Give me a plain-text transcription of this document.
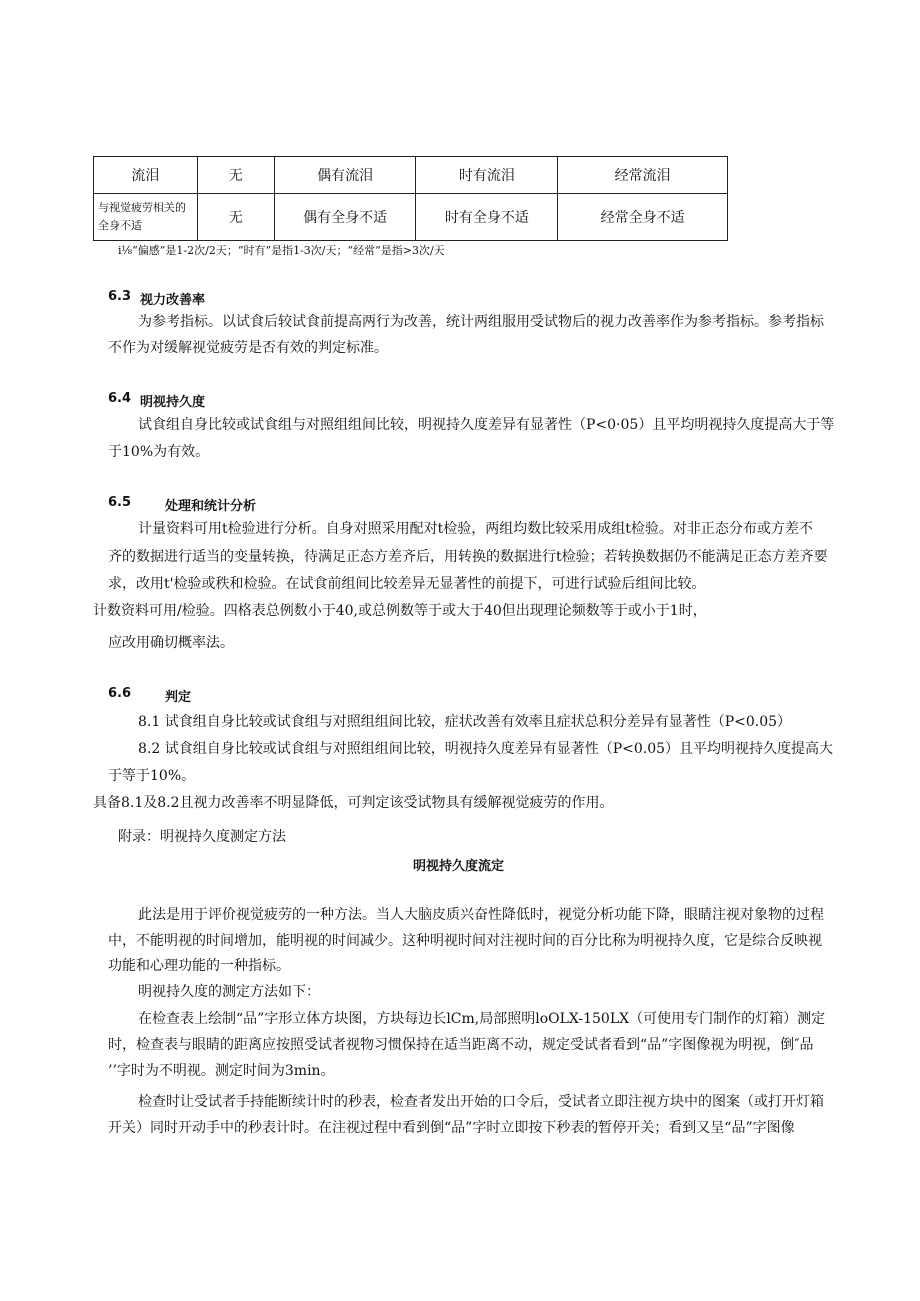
流泪	无	偶有流泪	时有流泪	经常流泪
与视觉疲劳相关的全身不适	无	偶有全身不适	时有全身不适	经常全身不适
i⅛“偏感”是1-2次/2天；“时有”是指1-3次/天；“经常”是指>3次/天
6.3 视力改善率
为参考指标。以试食后较试食前提高两行为改善，统计两组服用受试物后的视力改善率作为参考指标。参考指标
不作为对缓解视觉疲劳是否有效的判定标准。
6.4 明视持久度
试食组自身比较或试食组与对照组组间比较，明视持久度差异有显著性（P<0·05）且平均明视持久度提高大于等
于10%为有效。
6.5	处理和统计分析
计量资料可用t检验进行分析。自身对照采用配对t检验，两组均数比较采用成组t检验。对非正态分布或方差不
齐的数据进行适当的变量转换，待满足正态方差齐后，用转换的数据进行t检验；若转换数据仍不能满足正态方差齐要
求，改用t'检验或秩和检验。在试食前组间比较差异无显著性的前提下，可进行试验后组间比较。
计数资料可用/检验。四格表总例数小于40,或总例数等于或大于40但出现理论频数等于或小于1时，
应改用确切概率法。
6.6	判定
8.1 试食组自身比较或试食组与对照组组间比较，症状改善有效率且症状总积分差异有显著性（P<0.05）
8.2 试食组自身比较或试食组与对照组组间比较，明视持久度差异有显著性（P<0.05）且平均明视持久度提高大
于等于10%。
具备8.1及8.2且视力改善率不明显降低，可判定该受试物具有缓解视觉疲劳的作用。
附录：明视持久度测定方法
明视持久度流定
此法是用于评价视觉疲劳的一种方法。当人大脑皮质兴奋性降低时，视觉分析功能下降，眼睛注视对象物的过程
中，不能明视的时间增加，能明视的时间减少。这种明视时间对注视时间的百分比称为明视持久度，它是综合反映视
功能和心理功能的一种指标。
明视持久度的测定方法如下：
在检查表上绘制“品”字形立体方块图，方块每边长lCm,局部照明loOLX-150LX（可使用专门制作的灯箱）测定
时，检查表与眼睛的距离应按照受试者视物习惯保持在适当距离不动，规定受试者看到“品”字图像视为明视，倒″品
’’字时为不明视。测定时间为3min。
检查时让受试者手持能断续计时的秒表，检查者发出开始的口令后，受试者立即注视方块中的图案（或打开灯箱
开关）同时开动手中的秒表计时。在注视过程中看到倒“品”字时立即按下秒表的暂停开关；看到又呈“品”字图像
